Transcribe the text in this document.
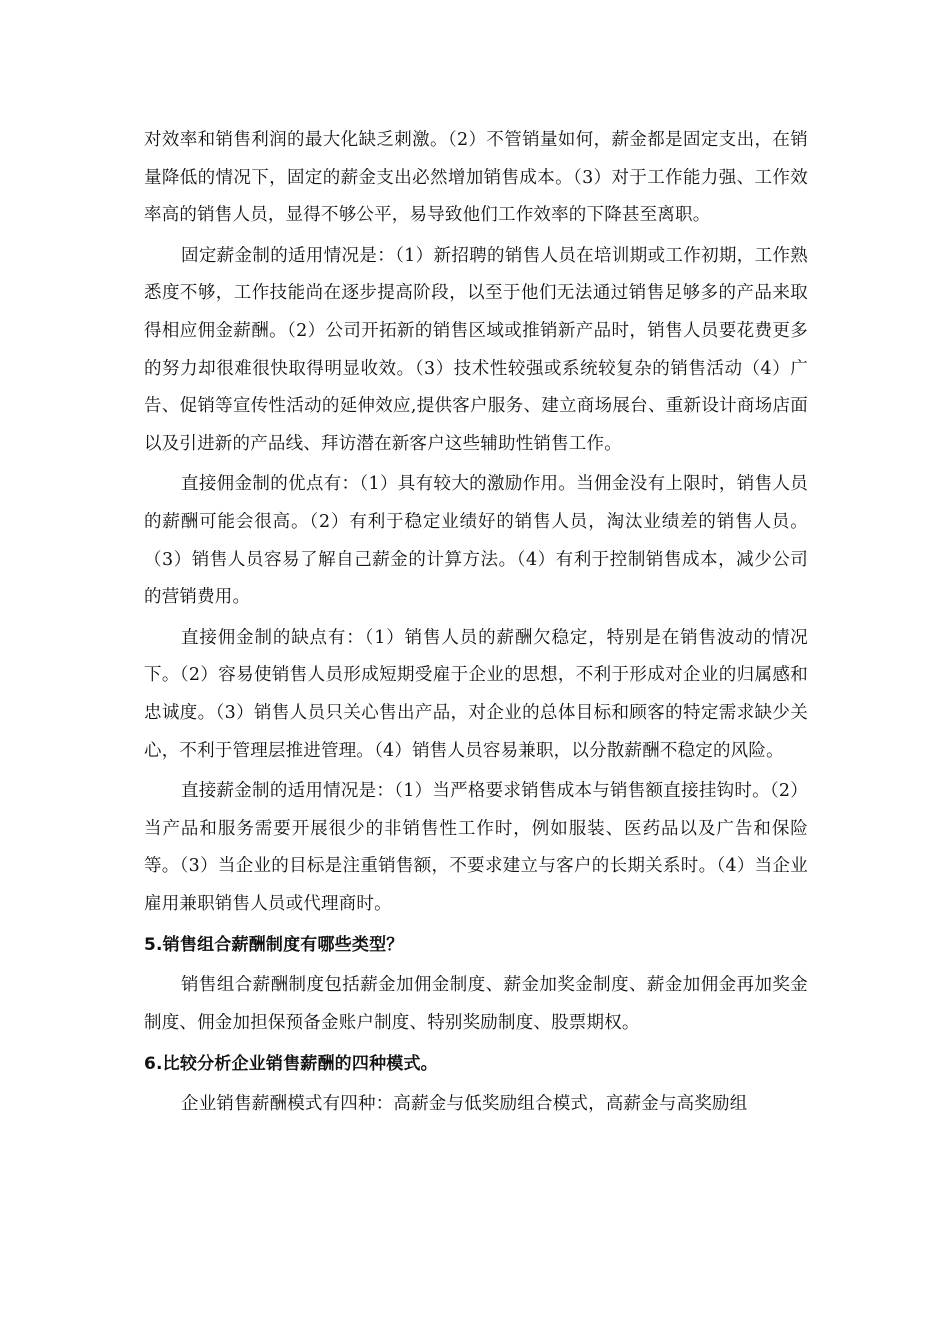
对效率和销售利润的最大化缺乏刺激。（2）不管销量如何，薪金都是固定支出，在销量降低的情况下，固定的薪金支出必然增加销售成本。（3）对于工作能力强、工作效率高的销售人员，显得不够公平，易导致他们工作效率的下降甚至离职。

固定薪金制的适用情况是：（1）新招聘的销售人员在培训期或工作初期，工作熟悉度不够，工作技能尚在逐步提高阶段，以至于他们无法通过销售足够多的产品来取得相应佣金薪酬。（2）公司开拓新的销售区域或推销新产品时，销售人员要花费更多的努力却很难很快取得明显收效。（3）技术性较强或系统较复杂的销售活动（4）广告、促销等宣传性活动的延伸效应,提供客户服务、建立商场展台、重新设计商场店面以及引进新的产品线、拜访潜在新客户这些辅助性销售工作。

直接佣金制的优点有：（1）具有较大的激励作用。当佣金没有上限时，销售人员的薪酬可能会很高。（2）有利于稳定业绩好的销售人员，淘汰业绩差的销售人员。（3）销售人员容易了解自己薪金的计算方法。（4）有利于控制销售成本，减少公司的营销费用。

直接佣金制的缺点有：（1）销售人员的薪酬欠稳定，特别是在销售波动的情况下。（2）容易使销售人员形成短期受雇于企业的思想，不利于形成对企业的归属感和忠诚度。（3）销售人员只关心售出产品，对企业的总体目标和顾客的特定需求缺少关心，不利于管理层推进管理。（4）销售人员容易兼职，以分散薪酬不稳定的风险。

直接薪金制的适用情况是：（1）当严格要求销售成本与销售额直接挂钩时。（2）当产品和服务需要开展很少的非销售性工作时，例如服装、医药品以及广告和保险等。（3）当企业的目标是注重销售额，不要求建立与客户的长期关系时。（4）当企业雇用兼职销售人员或代理商时。

5.销售组合薪酬制度有哪些类型？

销售组合薪酬制度包括薪金加佣金制度、薪金加奖金制度、薪金加佣金再加奖金制度、佣金加担保预备金账户制度、特别奖励制度、股票期权。

6.比较分析企业销售薪酬的四种模式。

企业销售薪酬模式有四种：高薪金与低奖励组合模式，高薪金与高奖励组
